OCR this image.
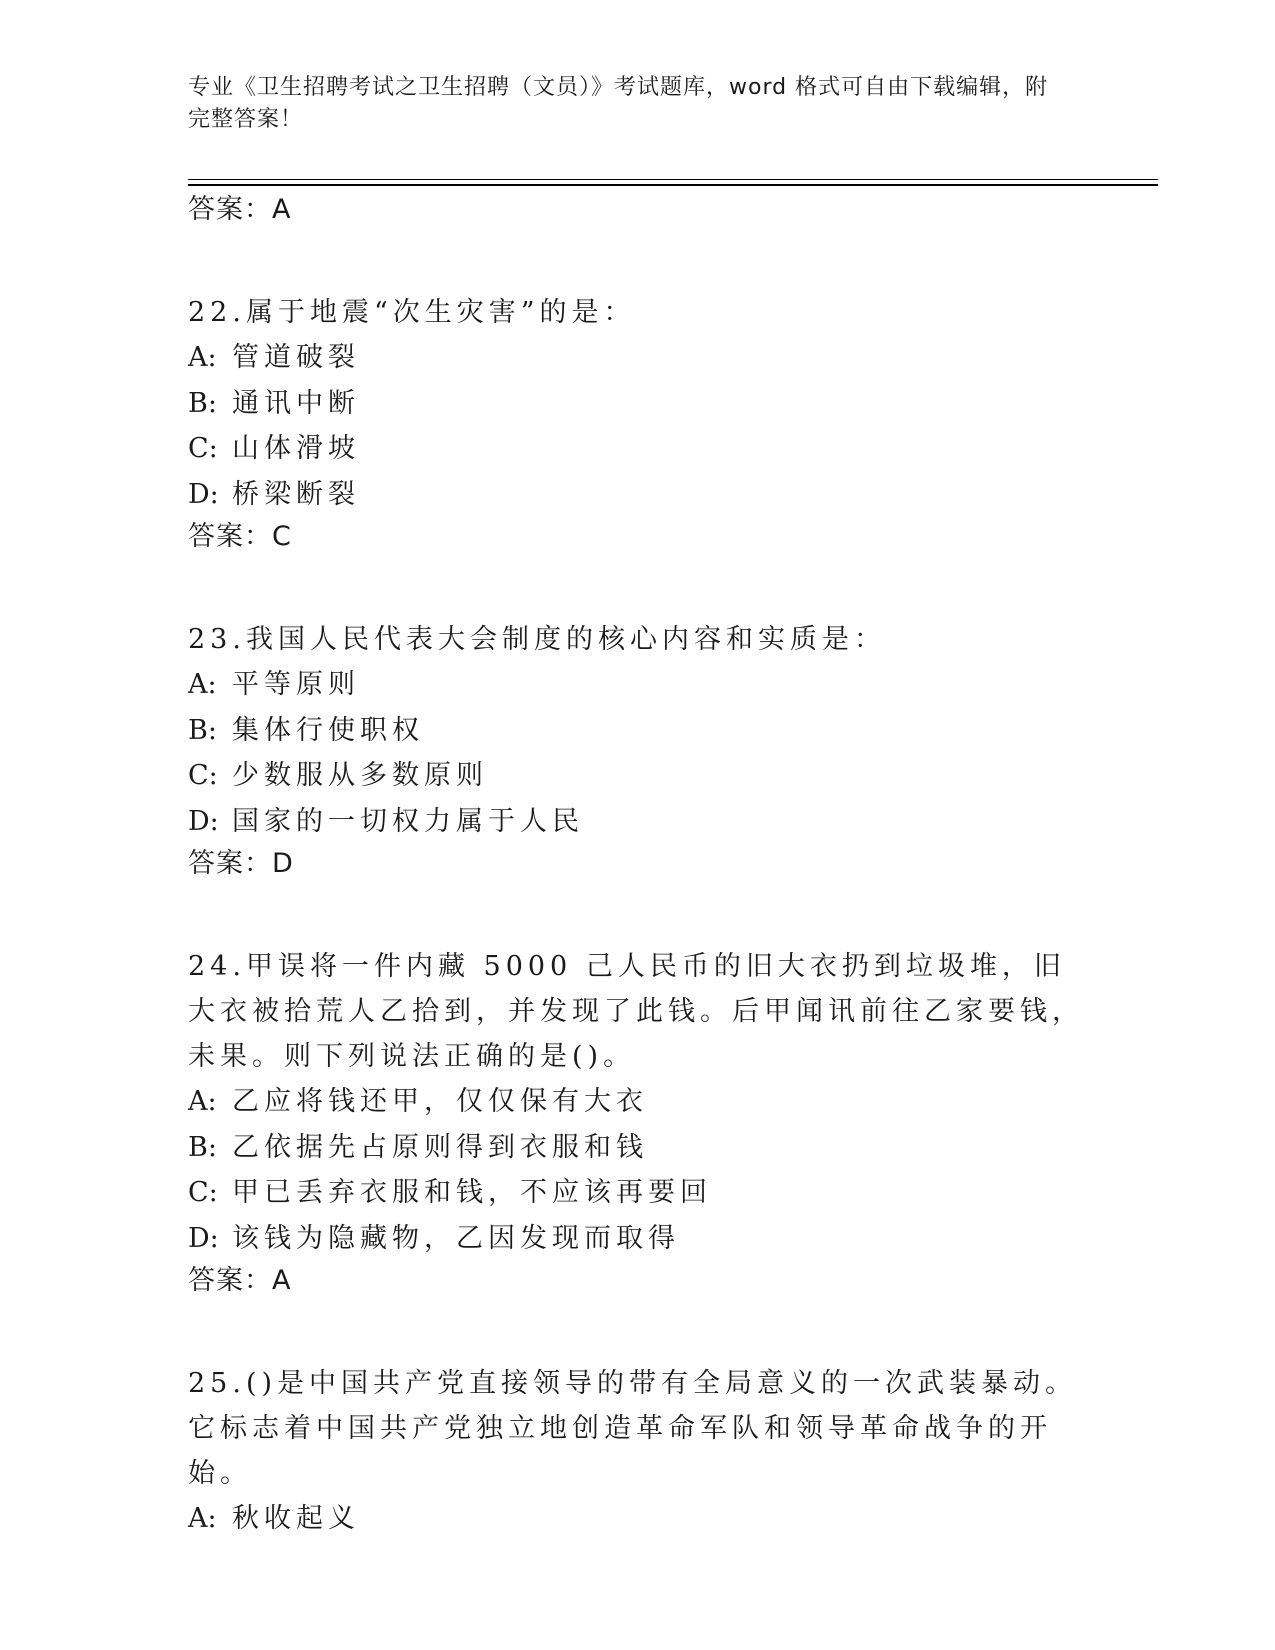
专业《卫生招聘考试之卫生招聘（文员）》考试题库，word 格式可自由下载编辑，附完整答案！
答案：A
22.属于地震“次生灾害”的是：
A: 管道破裂
B: 通讯中断
C: 山体滑坡
D: 桥梁断裂
答案：C
23.我国人民代表大会制度的核心内容和实质是：
A: 平等原则
B: 集体行使职权
C: 少数服从多数原则
D: 国家的一切权力属于人民
答案：D
24.甲误将一件内藏 5000 己人民币的旧大衣扔到垃圾堆，旧大衣被拾荒人乙拾到，并发现了此钱。后甲闻讯前往乙家要钱，未果。则下列说法正确的是()。
A: 乙应将钱还甲，仅仅保有大衣
B: 乙依据先占原则得到衣服和钱
C: 甲已丢弃衣服和钱，不应该再要回
D: 该钱为隐藏物，乙因发现而取得
答案：A
25.()是中国共产党直接领导的带有全局意义的一次武装暴动。它标志着中国共产党独立地创造革命军队和领导革命战争的开始。
A: 秋收起义
